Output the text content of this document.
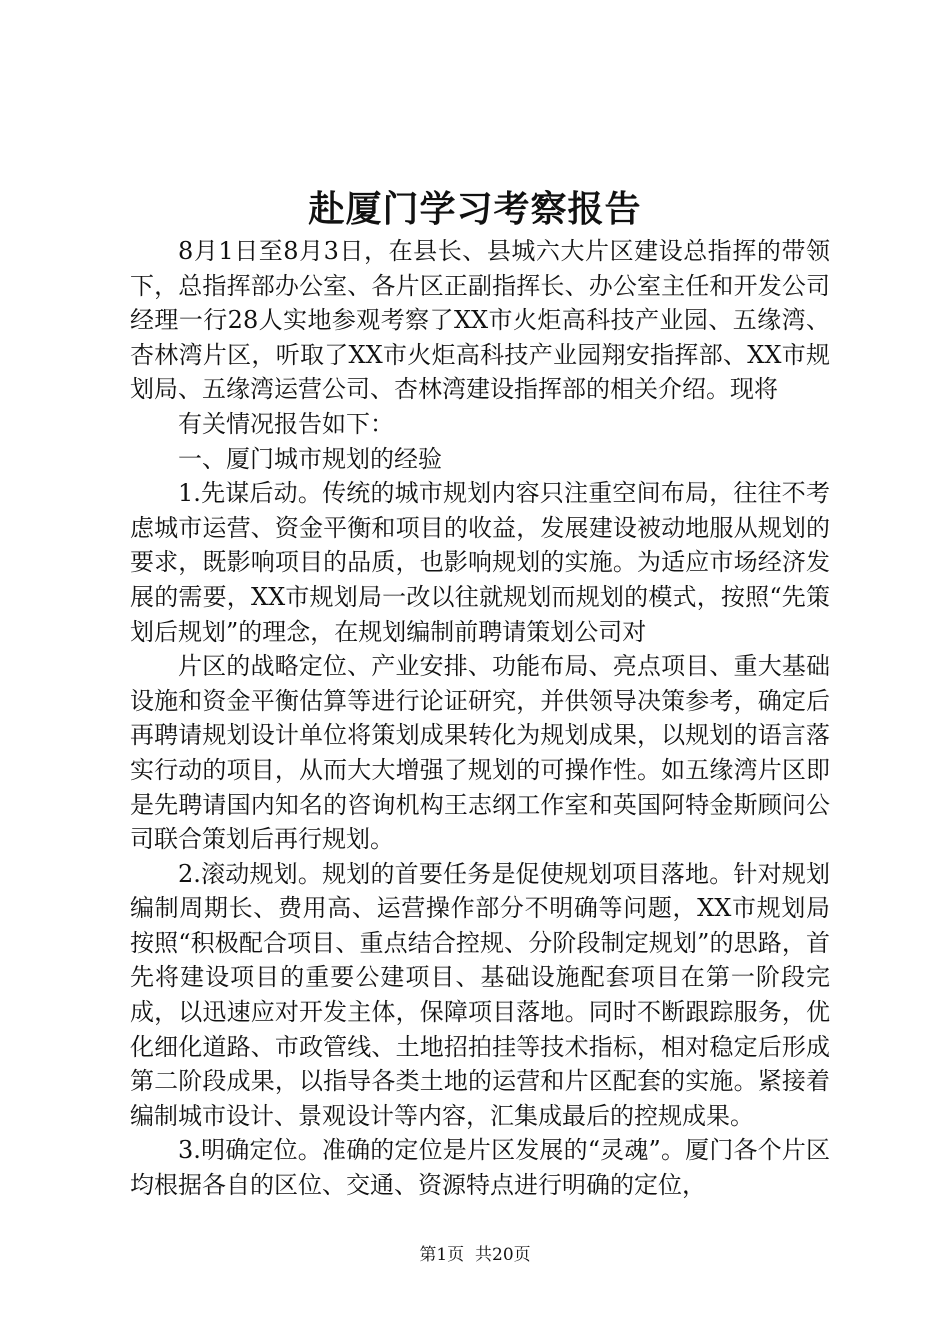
赴厦门学习考察报告

8月1日至8月3日，在县长、县城六大片区建设总指挥的带领下，总指挥部办公室、各片区正副指挥长、办公室主任和开发公司经理一行28人实地参观考察了XX市火炬高科技产业园、五缘湾、杏林湾片区，听取了XX市火炬高科技产业园翔安指挥部、XX市规划局、五缘湾运营公司、杏林湾建设指挥部的相关介绍。现将

有关情况报告如下：

一、厦门城市规划的经验

1.先谋后动。传统的城市规划内容只注重空间布局，往往不考虑城市运营、资金平衡和项目的收益，发展建设被动地服从规划的要求，既影响项目的品质，也影响规划的实施。为适应市场经济发展的需要，XX市规划局一改以往就规划而规划的模式，按照“先策划后规划”的理念，在规划编制前聘请策划公司对

片区的战略定位、产业安排、功能布局、亮点项目、重大基础设施和资金平衡估算等进行论证研究，并供领导决策参考，确定后再聘请规划设计单位将策划成果转化为规划成果，以规划的语言落实行动的项目，从而大大增强了规划的可操作性。如五缘湾片区即是先聘请国内知名的咨询机构王志纲工作室和英国阿特金斯顾问公司联合策划后再行规划。

2.滚动规划。规划的首要任务是促使规划项目落地。针对规划编制周期长、费用高、运营操作部分不明确等问题，XX市规划局按照“积极配合项目、重点结合控规、分阶段制定规划”的思路，首先将建设项目的重要公建项目、基础设施配套项目在第一阶段完成，以迅速应对开发主体，保障项目落地。同时不断跟踪服务，优化细化道路、市政管线、土地招拍挂等技术指标，相对稳定后形成第二阶段成果，以指导各类土地的运营和片区配套的实施。紧接着编制城市设计、景观设计等内容，汇集成最后的控规成果。

3.明确定位。准确的定位是片区发展的“灵魂”。厦门各个片区均根据各自的区位、交通、资源特点进行明确的定位，

第1页 共20页
